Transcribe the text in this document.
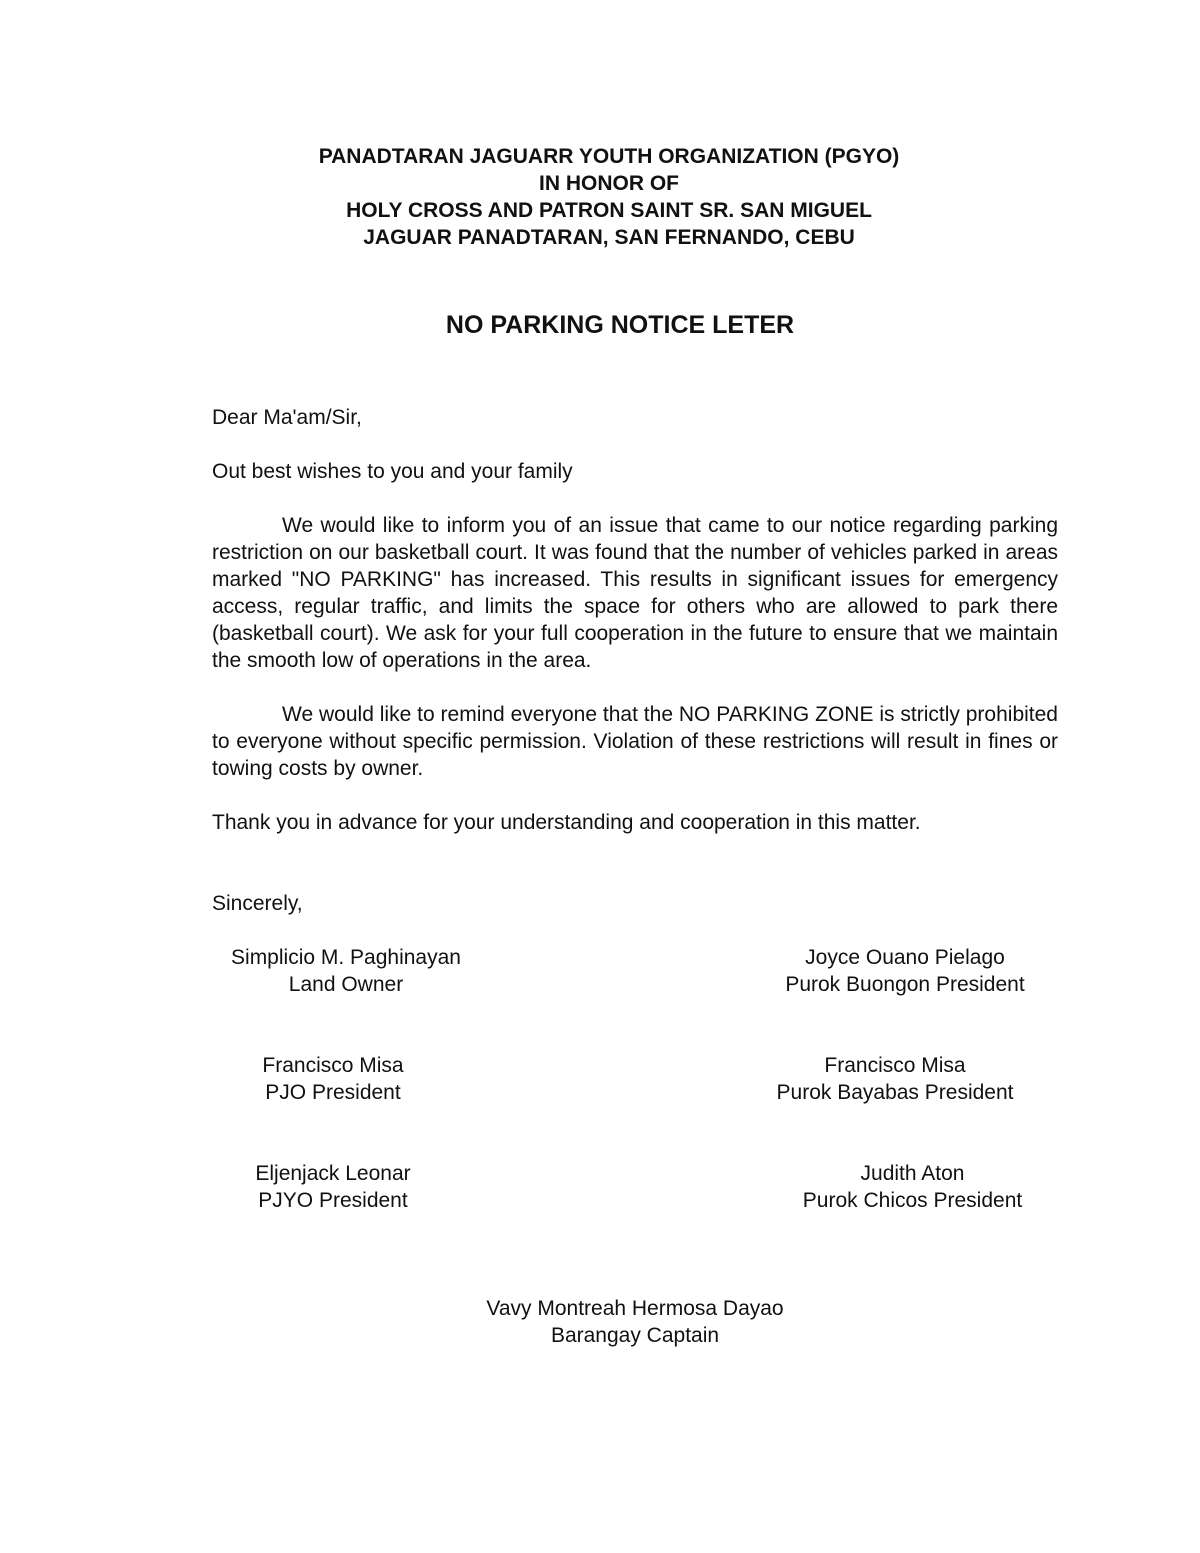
PANADTARAN JAGUARR YOUTH ORGANIZATION (PGYO)
IN HONOR OF
HOLY CROSS AND PATRON SAINT SR. SAN MIGUEL
JAGUAR PANADTARAN, SAN FERNANDO, CEBU
NO PARKING NOTICE LETER
Dear Ma'am/Sir,
Out best wishes to you and your family
We would like to inform you of an issue that came to our notice regarding parking restriction on our basketball court. It was found that the number of vehicles parked in areas marked "NO PARKING" has increased. This results in significant issues for emergency access, regular traffic, and limits the space for others who are allowed to park there (basketball court). We ask for your full cooperation in the future to ensure that we maintain the smooth low of operations in the area.
We would like to remind everyone that the NO PARKING ZONE is strictly prohibited to everyone without specific permission. Violation of these restrictions will result in fines or towing costs by owner.
Thank you in advance for your understanding and cooperation in this matter.
Sincerely,
Simplicio M. Paghinayan
Land Owner
Joyce Ouano Pielago
Purok Buongon President
Francisco Misa
PJO President
Francisco Misa
Purok Bayabas President
Eljenjack Leonar
PJYO President
Judith Aton
Purok Chicos President
Vavy Montreah Hermosa Dayao
Barangay Captain
